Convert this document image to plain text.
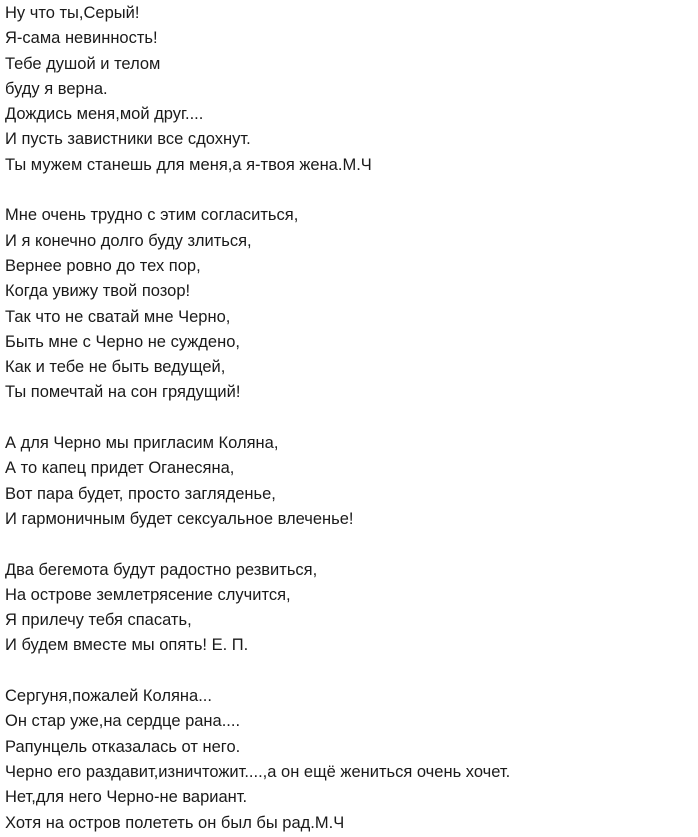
Ну что ты,Серый!
Я-сама невинность!
Тебе душой и телом
буду я верна.
Дождись меня,мой друг....
И пусть завистники все сдохнут.
Ты мужем станешь для меня,а я-твоя жена.М.Ч
Мне очень трудно с этим согласиться,
И я конечно долго буду злиться,
Вернее ровно до тех пор,
Когда увижу твой позор!
Так что не сватай мне Черно,
Быть мне с Черно не суждено,
Как и тебе не быть ведущей,
Ты помечтай на сон грядущий!
А для Черно мы пригласим Коляна,
А то капец придет Оганесяна,
Вот пара будет, просто загляденье,
И гармоничным будет сексуальное влеченье!
Два бегемота будут радостно резвиться,
На острове землетрясение случится,
Я прилечу тебя спасать,
И будем вместе мы опять! Е. П.
Сергуня,пожалей Коляна...
Он стар уже,на сердце рана....
Рапунцель отказалась от него.
Черно его раздавит,изничтожит....,а он ещё жениться очень хочет.
Нет,для него Черно-не вариант.
Хотя на остров полететь он был бы рад.М.Ч
